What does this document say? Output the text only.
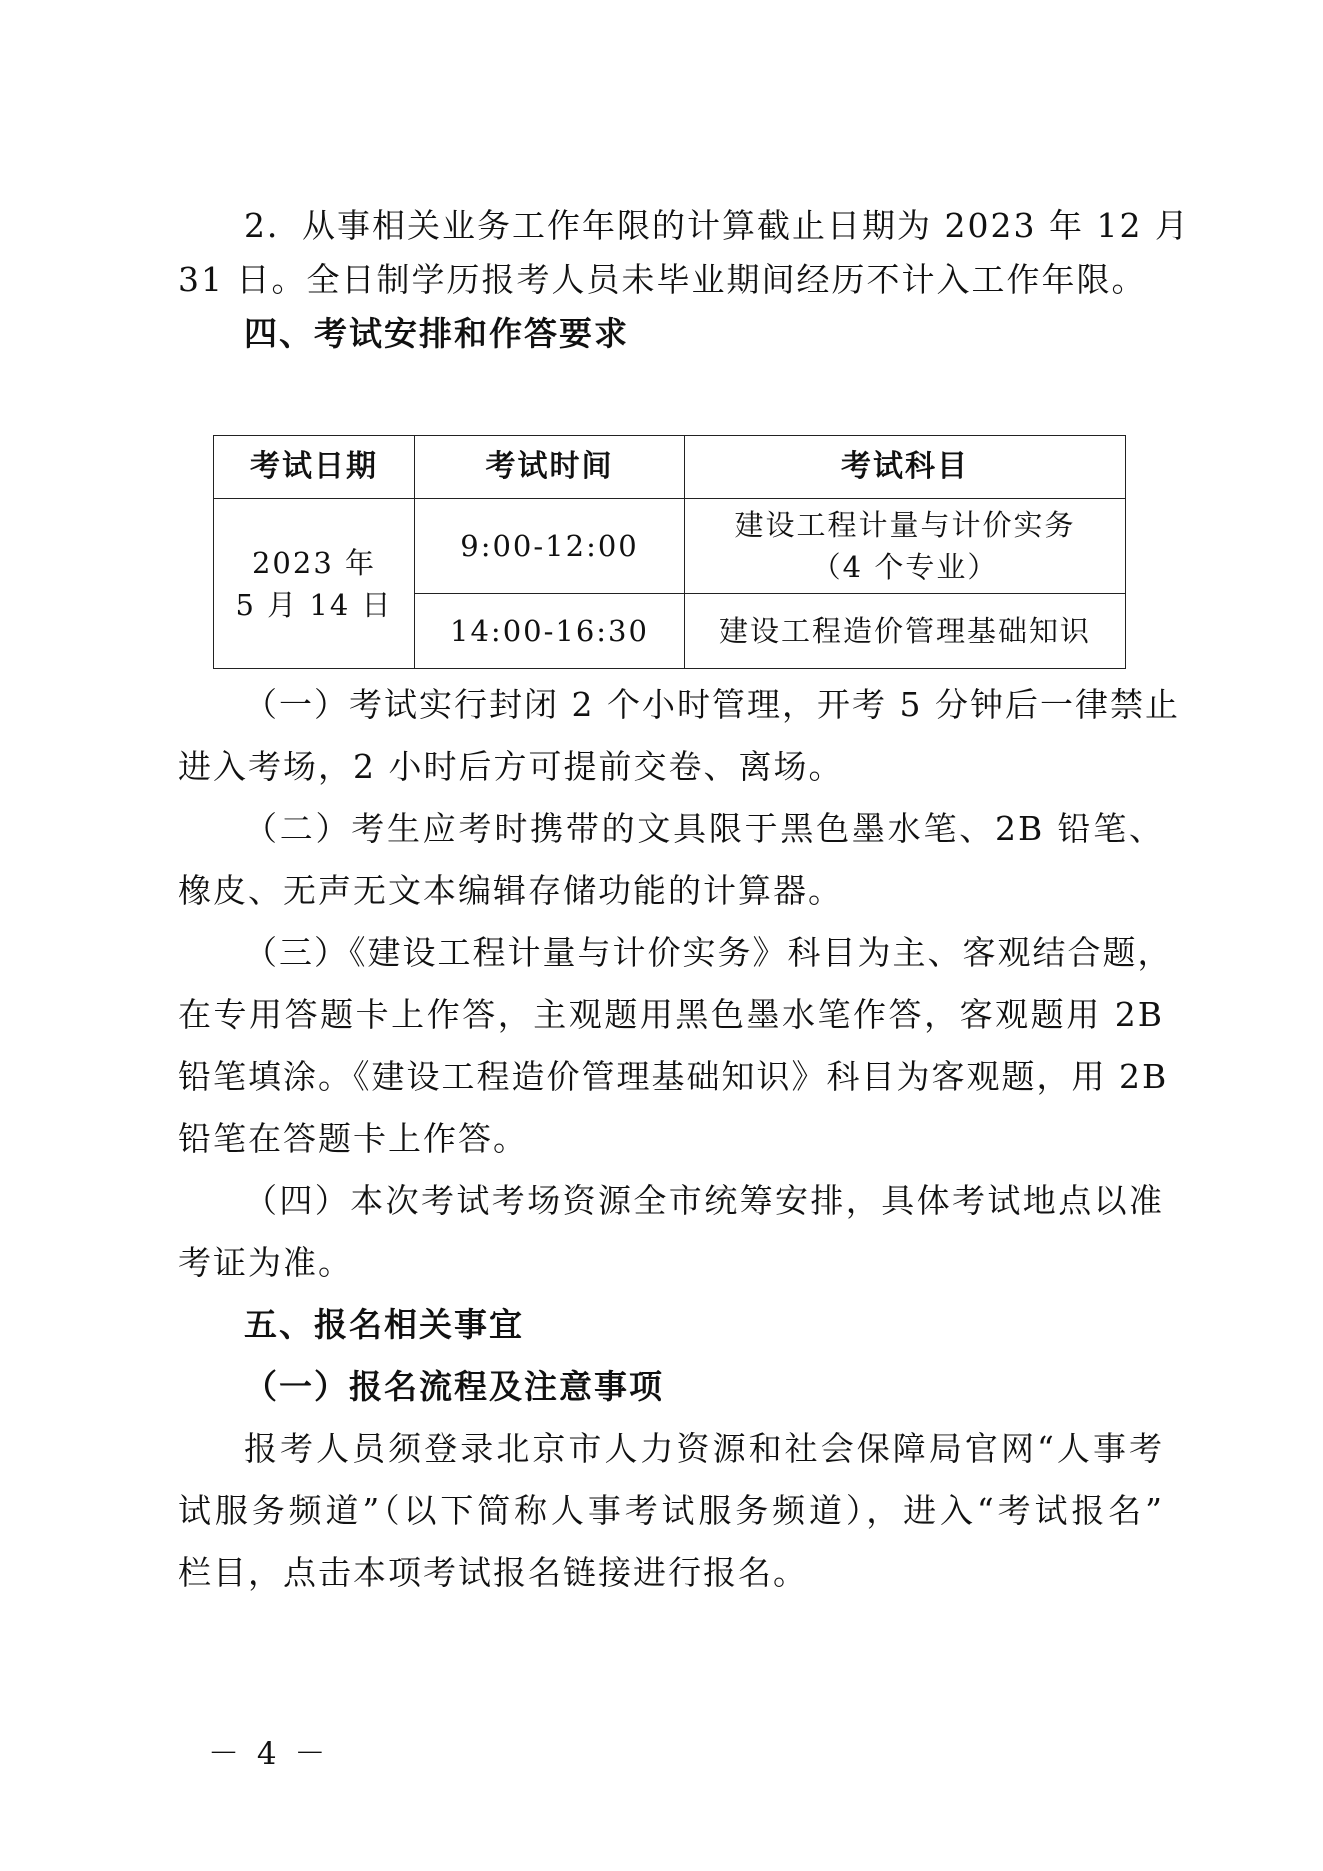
2．从事相关业务工作年限的计算截止日期为 2023 年 12 月
31 日。全日制学历报考人员未毕业期间经历不计入工作年限。
四、考试安排和作答要求
考试日期	考试时间	考试科目

2023 年
5 月 14 日	9:00-12:00	建设工程计量与计价实务
（4 个专业）

	14:00-16:30	建设工程造价管理基础知识
（一）考试实行封闭 2 个小时管理，开考 5 分钟后一律禁止
进入考场，2 小时后方可提前交卷、离场。
（二）考生应考时携带的文具限于黑色墨水笔、2B 铅笔、
橡皮、无声无文本编辑存储功能的计算器。
（三）《建设工程计量与计价实务》科目为主、客观结合题，
在专用答题卡上作答，主观题用黑色墨水笔作答，客观题用 2B
铅笔填涂。《建设工程造价管理基础知识》科目为客观题，用 2B
铅笔在答题卡上作答。
（四）本次考试考场资源全市统筹安排，具体考试地点以准
考证为准。
五、报名相关事宜
（一）报名流程及注意事项
报考人员须登录北京市人力资源和社会保障局官网“人事考
试服务频道”（以下简称人事考试服务频道），进入“考试报名”
栏目，点击本项考试报名链接进行报名。
－ 4 －
